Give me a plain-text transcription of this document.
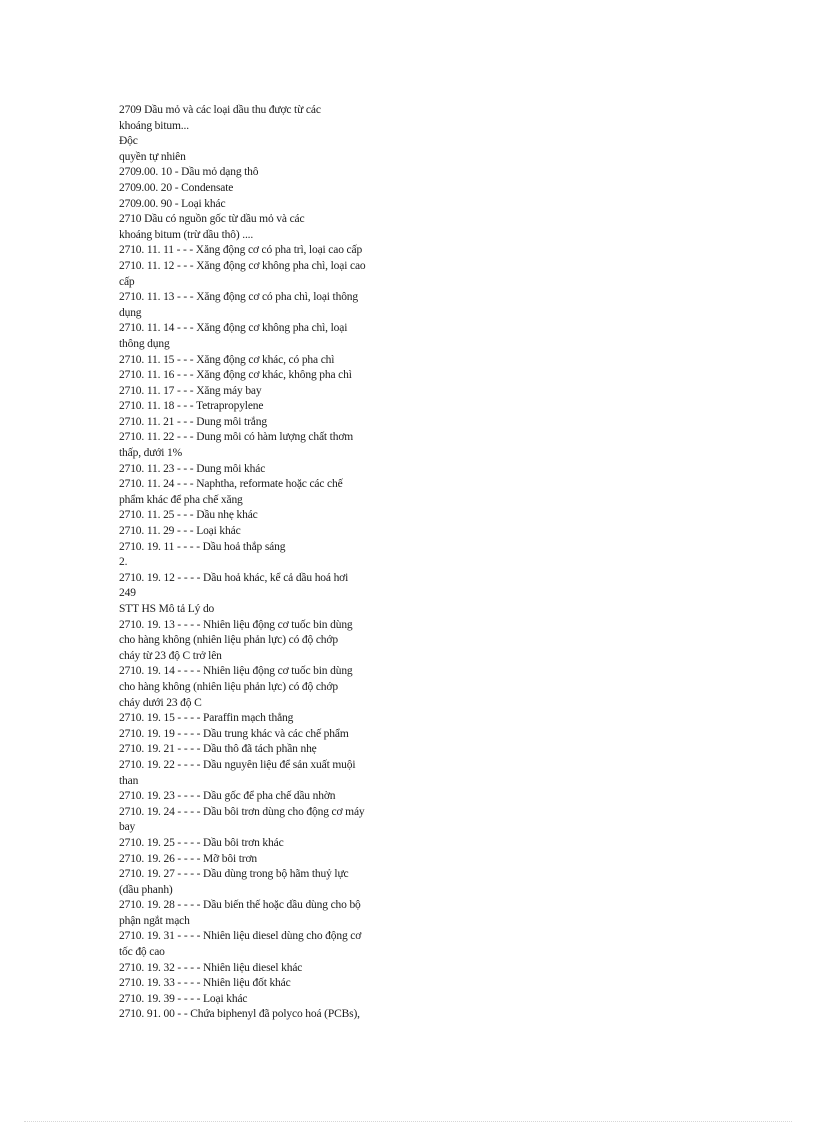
2709 Dầu mỏ và các loại dầu thu được từ các
khoáng bitum...
Độc
quyền tự nhiên
2709.00. 10 - Dầu mỏ dạng thô
2709.00. 20 - Condensate
2709.00. 90 - Loại khác
2710 Dầu có nguồn gốc từ dầu mỏ và các
khoáng bitum (trừ dầu thô) ....
2710. 11. 11 - - - Xăng động cơ có pha trì, loại cao cấp
2710. 11. 12 - - - Xăng động cơ không pha chì, loại cao
cấp
2710. 11. 13 - - - Xăng động cơ có pha chì, loại thông
dụng
2710. 11. 14 - - - Xăng động cơ không pha chì, loại
thông dụng
2710. 11. 15 - - - Xăng động cơ khác, có pha chì
2710. 11. 16 - - - Xăng động cơ khác, không pha chì
2710. 11. 17 - - - Xăng máy bay
2710. 11. 18 - - - Tetrapropylene
2710. 11. 21 - - - Dung môi trắng
2710. 11. 22 - - - Dung môi có hàm lượng chất thơm
thấp, dưới 1%
2710. 11. 23 - - - Dung môi khác
2710. 11. 24 - - - Naphtha, reformate hoặc các chế
phẩm khác để pha chế xăng
2710. 11. 25 - - - Dầu nhẹ khác
2710. 11. 29 - - - Loại khác
2710. 19. 11 - - - - Dầu hoả thắp sáng
2.
2710. 19. 12 - - - - Dầu hoả khác, kể cả dầu hoá hơi
249
STT HS Mô tả Lý do
2710. 19. 13 - - - - Nhiên liệu động cơ tuốc bin dùng
cho hàng không (nhiên liệu phản lực) có độ chớp
cháy từ 23 độ C trở lên
2710. 19. 14 - - - - Nhiên liệu động cơ tuốc bin dùng
cho hàng không (nhiên liệu phản lực) có độ chớp
cháy dưới 23 độ C
2710. 19. 15 - - - - Paraffin mạch thẳng
2710. 19. 19 - - - - Dầu trung khác và các chế phẩm
2710. 19. 21 - - - - Dầu thô đã tách phần nhẹ
2710. 19. 22 - - - - Dầu nguyên liệu để sản xuất muội
than
2710. 19. 23 - - - - Dầu gốc để pha chế dầu nhờn
2710. 19. 24 - - - - Dầu bôi trơn dùng cho động cơ máy
bay
2710. 19. 25 - - - - Dầu bôi trơn khác
2710. 19. 26 - - - - Mỡ bôi trơn
2710. 19. 27 - - - - Dầu dùng trong bộ hãm thuỷ lực
(dầu phanh)
2710. 19. 28 - - - - Dầu biến thế hoặc dầu dùng cho bộ
phận ngắt mạch
2710. 19. 31 - - - - Nhiên liệu diesel dùng cho động cơ
tốc độ cao
2710. 19. 32 - - - - Nhiên liệu diesel khác
2710. 19. 33 - - - - Nhiên liệu đốt khác
2710. 19. 39 - - - - Loại khác
2710. 91. 00 - - Chứa biphenyl đã polyco hoá (PCBs),
